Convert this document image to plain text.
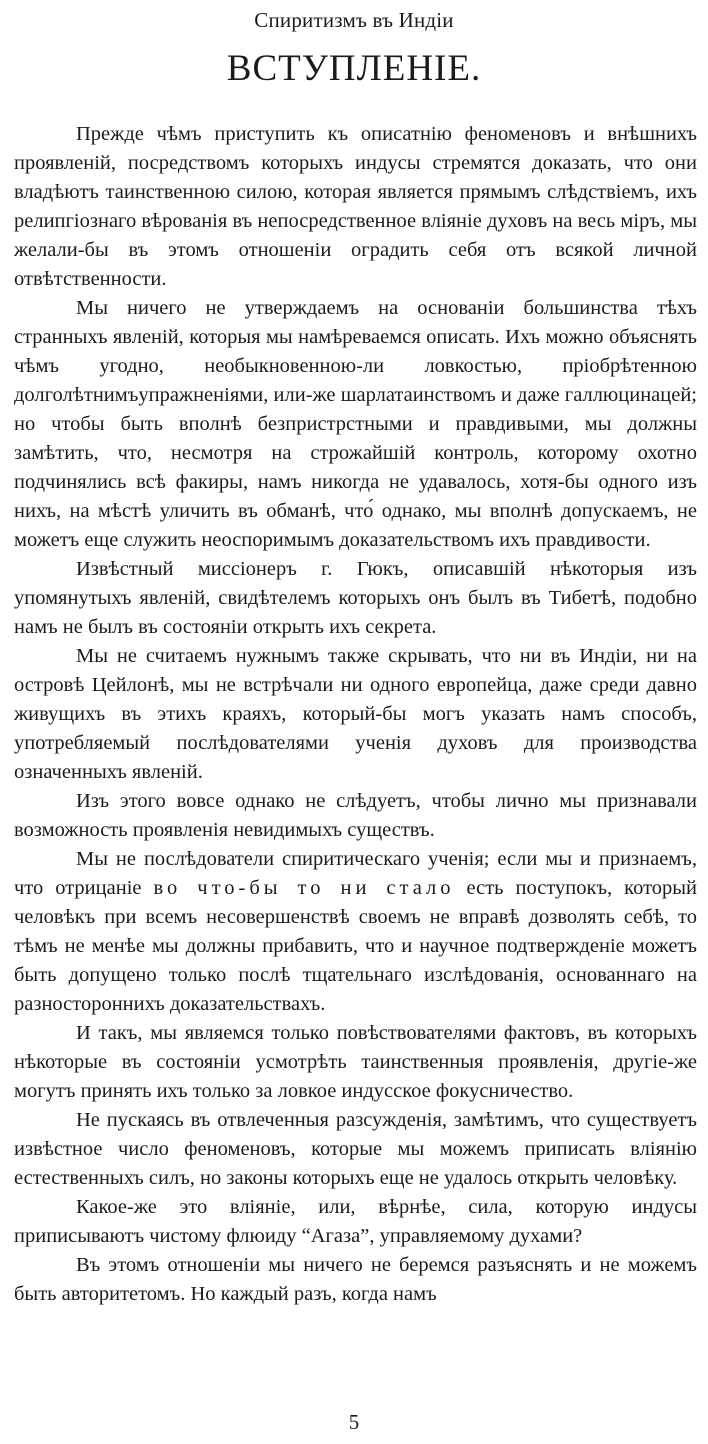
Спиритизмъ въ Индіи
ВСТУПЛЕНІЕ.

Прежде чѣмъ приступить къ описатнію феноменовъ и внѣшнихъ проявленій, посредствомъ которыхъ индусы стремятся доказать, что они владѣютъ таинственною силою, которая является прямымъ слѣдствіемъ, ихъ релипгіознаго вѣрованія въ непосредственное вліяніе духовъ на весь міръ, мы желали-бы въ этомъ отношеніи оградить себя отъ всякой личной отвѣтственности.

Мы ничего не утверждаемъ на основаніи большинства тѣхъ странныхъ явленій, которыя мы намѣреваемся описать. Ихъ можно объяснять чѣмъ угодно, необыкновенною-ли ловкостью, пріобрѣтенною долголѣтнимъупражненіями, или-же шарлатаинствомъ и даже галлюцинацей; но чтобы быть вполнѣ безпристрстными и правдивыми, мы должны замѣтить, что, несмотря на строжайшій контроль, которому охотно подчинялись всѣ факиры, намъ никогда не удавалось, хотя-бы одного изъ нихъ, на мѣстѣ уличить въ обманѣ, что́ однако, мы вполнѣ допускаемъ, не можетъ еще служить неоспоримымъ доказательствомъ ихъ правдивости.

Извѣстный миссіонеръ г. Гюкъ, описавшій нѣкоторыя изъ упомянутыхъ явленій, свидѣтелемъ которыхъ онъ былъ въ Тибетѣ, подобно намъ не былъ въ состояніи открыть ихъ секрета.

Мы не считаемъ нужнымъ также скрывать, что ни въ Индіи, ни на островѣ Цейлонѣ, мы не встрѣчали ни одного европейца, даже среди давно живущихъ въ этихъ краяхъ, который-бы могъ указать намъ способъ, употребляемый послѣдователями ученія духовъ для производства означенныхъ явленій.

Изъ этого вовсе однако не слѣдуетъ, чтобы лично мы признавали возможность проявленія невидимыхъ существъ.

Мы не послѣдователи спиритическаго ученія; если мы и признаемъ, что отрицаніе во что-бы то ни стало есть поступокъ, который человѣкъ при всемъ несовершенствѣ своемъ не вправѣ дозволять себѣ, то тѣмъ не менѣе мы должны прибавить, что и научное подтвержденіе можетъ быть допущено только послѣ тщательнаго изслѣдованія, основаннаго на разностороннихъ доказательствахъ.

И такъ, мы являемся только повѣствователями фактовъ, въ которыхъ нѣкоторые въ состояніи усмотрѣть таинственныя проявленія, другіе-же могутъ принять ихъ только за ловкое индусское фокусничество.

Не пускаясь въ отвлеченныя разсужденія, замѣтимъ, что существуетъ извѣстное число феноменовъ, которые мы можемъ приписать вліянію естественныхъ силъ, но законы которыхъ еще не удалось открыть человѣку.

Какое-же это вліяніе, или, вѣрнѣе, сила, которую индусы приписываютъ чистому флюиду “Агаза”, управляемому духами?

Въ этомъ отношеніи мы ничего не беремся разъяснять и не можемъ быть авторитетомъ. Но каждый разъ, когда намъ

5
